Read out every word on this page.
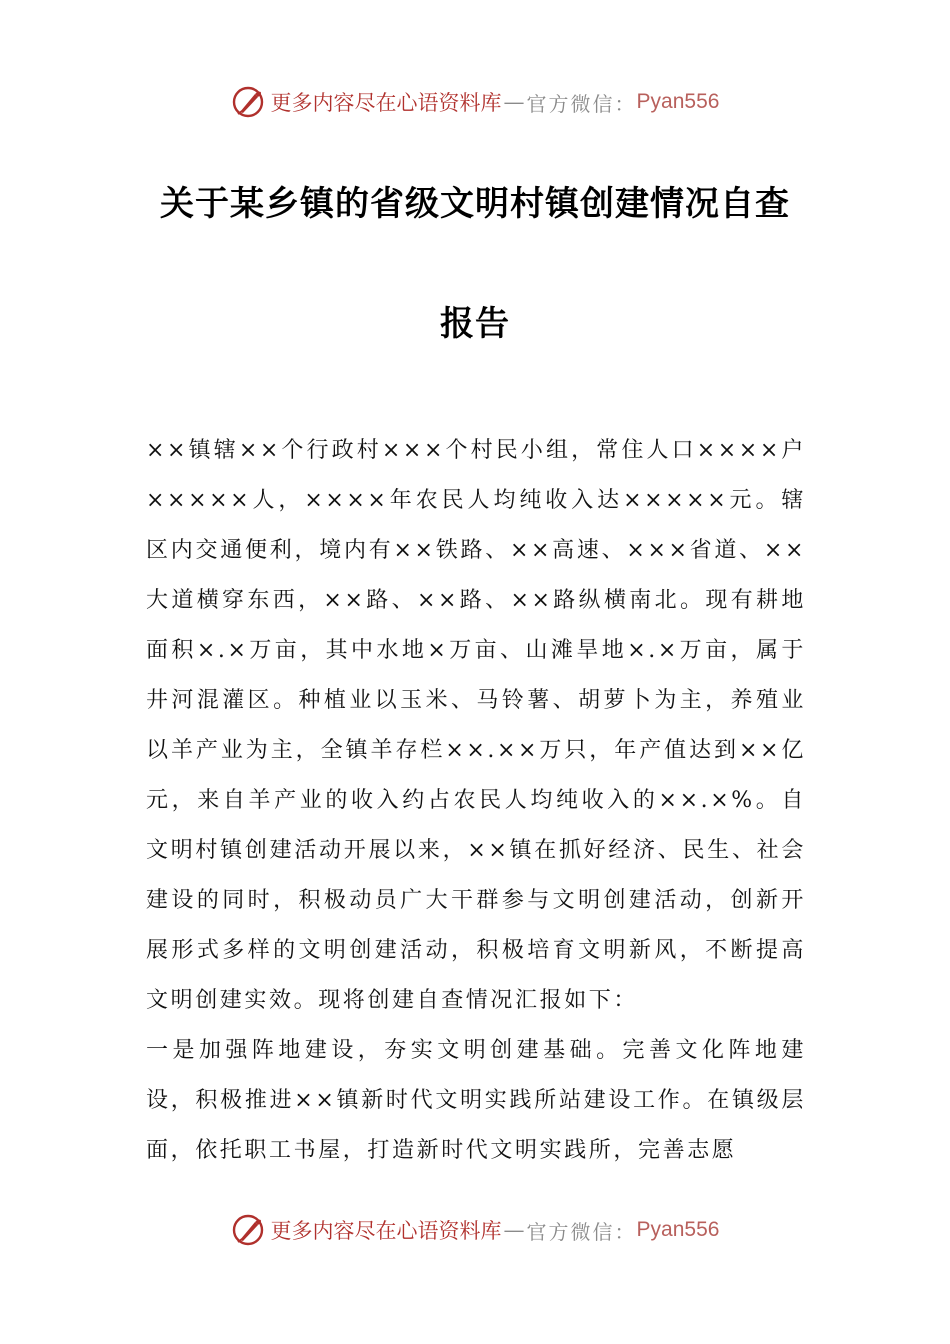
更多内容尽在心语资料库 — 官方微信： Pyan556
关于某乡镇的省级文明村镇创建情况自查
报告

××镇辖××个行政村×××个村民小组，常住人口××××户×××××人，××××年农民人均纯收入达×××××元。辖区内交通便利，境内有××铁路、××高速、×××省道、××大道横穿东西，××路、××路、××路纵横南北。现有耕地面积×.×万亩，其中水地×万亩、山滩旱地×.×万亩，属于井河混灌区。种植业以玉米、马铃薯、胡萝卜为主，养殖业以羊产业为主，全镇羊存栏××.××万只，年产值达到××亿元，来自羊产业的收入约占农民人均纯收入的××.×%。自文明村镇创建活动开展以来，××镇在抓好经济、民生、社会建设的同时，积极动员广大干群参与文明创建活动，创新开展形式多样的文明创建活动，积极培育文明新风，不断提高文明创建实效。现将创建自查情况汇报如下：

一是加强阵地建设，夯实文明创建基础。完善文化阵地建设，积极推进××镇新时代文明实践所站建设工作。在镇级层面，依托职工书屋，打造新时代文明实践所，完善志愿

更多内容尽在心语资料库 — 官方微信： Pyan556
